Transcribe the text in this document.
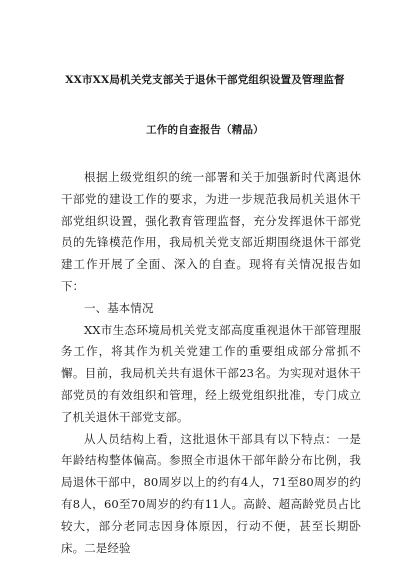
XX市XX局机关党支部关于退休干部党组织设置及管理监督
工作的自查报告（精品）

根据上级党组织的统一部署和关于加强新时代离退休干部党的建设工作的要求，为进一步规范我局机关退休干部党组织设置，强化教育管理监督，充分发挥退休干部党员的先锋模范作用，我局机关党支部近期围绕退休干部党建工作开展了全面、深入的自查。现将有关情况报告如下：

一、基本情况

XX市生态环境局机关党支部高度重视退休干部管理服务工作，将其作为机关党建工作的重要组成部分常抓不懈。目前，我局机关共有退休干部23名。为实现对退休干部党员的有效组织和管理，经上级党组织批准，专门成立了机关退休干部党支部。

从人员结构上看，这批退休干部具有以下特点：一是年龄结构整体偏高。参照全市退休干部年龄分布比例，我局退休干部中，80周岁以上的约有4人，71至80周岁的约有8人，60至70周岁的约有11人。高龄、超高龄党员占比较大，部分老同志因身体原因，行动不便，甚至长期卧床。二是经验
